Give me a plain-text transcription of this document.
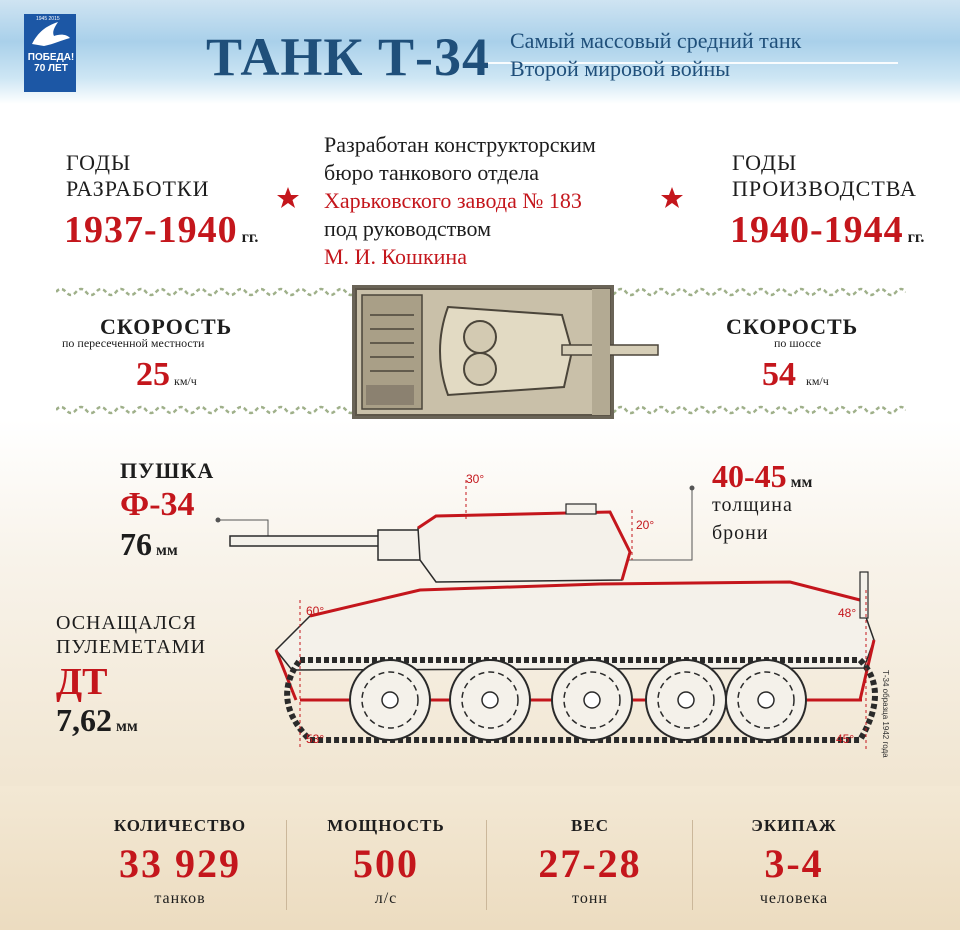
1945 2015
ПОБЕДА! 70 ЛЕТ	ТАНК Т-34 Самый массовый средний танк
Второй мировой войны
ГОДЫ
РАЗРАБОТКИ
1937-1940 гг.
Разработан конструкторским
бюро танкового отдела
Харьковского завода № 183
под руководством
М. И. Кошкина
ГОДЫ
ПРОИЗВОДСТВА
1940-1944 гг.
СКОРОСТЬ
по пересеченной местности
25 км/ч
СКОРОСТЬ
по шоссе
54 км/ч
ПУШКА
Ф-34
76 мм
40-45 мм
толщина
брони
ОСНАЩАЛСЯ
ПУЛЕМЕТАМИ
ДТ
7,62 мм
30°
20°
60°
53°
48°
45°	Т-34 образца 1942 года
КОЛИЧЕСТВО
33 929
танков
МОЩНОСТЬ
500
л/с
ВЕС
27-28
тонн
ЭКИПАЖ
3-4
человека
